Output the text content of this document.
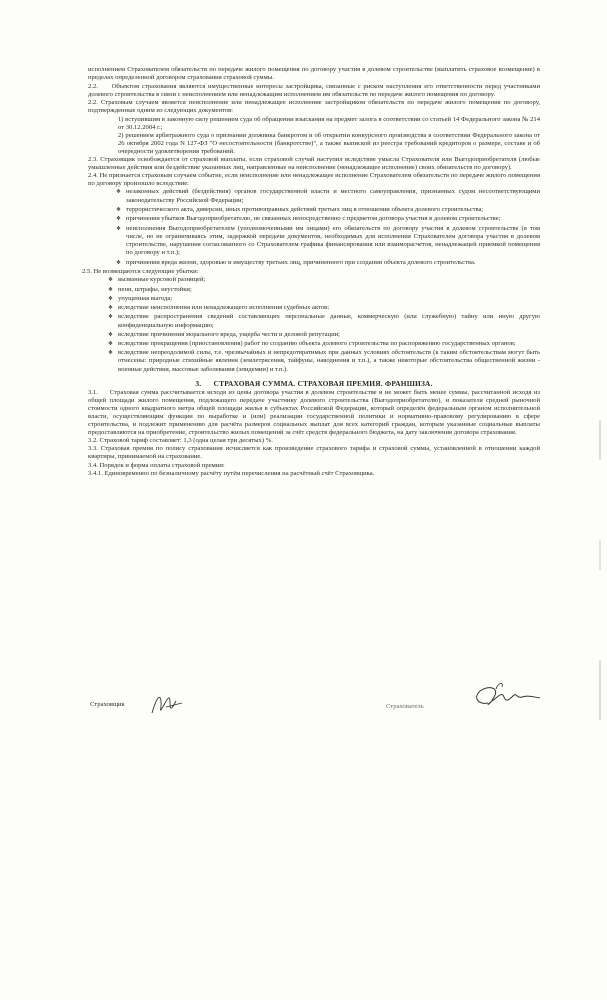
исполнением Страхователем обязательств по передаче жилого помещения по договору участия в долевом строительстве (выплатить страховое возмещение) в пределах определенной договором страхования страховой суммы.

2.2.     Объектом страхования являются имущественные интересы застройщика, связанные с риском наступления его ответственности перед участниками долевого строительства в связи с неисполнением или ненадлежащим исполнением им обязательств по передаче жилого помещения по договору.

2.2. Страховым случаем является неисполнение или ненадлежащее исполнение застройщиком обязательств по передаче жилого помещения по договору, подтвержденные одним из следующих документов:

1) вступившим в законную силу решением суда об обращении взыскания на предмет залога в соответствии со статьей 14 Федерального закона № 214 от 30.12.2004 г.;

2) решением арбитражного суда о признании должника банкротом и об открытии конкурсного производства в соответствии Федерального закона от 26 октября 2002 года N 127-ФЗ "О несостоятельности (банкротстве)", а также выпиской из реестра требований кредиторов о размере, составе и об очередности удовлетворения требований.

2.3. Страховщик освобождается от страховой выплаты, если страховой случай наступил вследствие умысла Страхователя или Выгодоприобретателя (любые умышленные действия или бездействие указанных лиц, направленные на неисполнение (ненадлежащее исполнение) своих обязательств по договору).

2.4. Не признается страховым случаем событие, если неисполнение или ненадлежащее исполнение Страхователем обязательств по передаче жилого помещения по договору произошло вследствие:

❖ незаконных действий (бездействия) органов государственной власти и местного самоуправления, признанных судом несоответствующими законодательству Российской Федерации;
❖ террористического акта, диверсии, иных противоправных действий третьих лиц в отношении объекта долевого строительства;
❖ причинения убытков Выгодоприобретателю, не связанных непосредственно с предметом договора участия в долевом строительстве;
❖ неисполнения Выгодоприобретателем (уполномоченными им лицами) его обязательств по договору участия в долевом строительстве (в том числе, но не ограничиваясь этим, задержкой передачи документов, необходимых для исполнения Страхователем договора участия в долевом строительстве, нарушения согласованного со Страхователем графика финансирования или взаиморасчетов, ненадлежащей приемкой помещения по договору и т.п.);
❖ причинения вреда жизни, здоровью и имуществу третьих лиц, причиненного при создании объекта долевого строительства.

2.5. Не возмещаются следующие убытки:

❖ вызванные курсовой разницей;
❖ пени, штрафы, неустойки;
❖ упущенная выгода;
❖ вследствие неисполнения или ненадлежащего исполнения судебных актов;
❖ вследствие распространения сведений составляющих персональные данные, коммерческую (или служебную) тайну или иную другую конфиденциальную информацию;
❖ вследствие причинения морального вреда, ущерба чести и деловой репутации;
❖ вследствие прекращения (приостановления) работ по созданию объекта долевого строительства по распоряжению государственных органов;
❖ вследствие непреодолимой силы, т.е. чрезвычайных и непредотвратимых при данных условиях обстоятельств (к таким обстоятельствам могут быть отнесены: природные стихийные явления (землетрясения, тайфуны, наводнения и т.п.), а также некоторые обстоятельства общественной жизни - военные действия, массовые заболевания (эпидемии) и т.п.).
3.      СТРАХОВАЯ СУММА. СТРАХОВАЯ ПРЕМИЯ. ФРАНШИЗА.

3.1.     Страховая сумма рассчитывается исходя из цены договора участия в долевом строительстве и не может быть менее суммы, рассчитанной исходя из общей площади жилого помещения, подлежащего передаче участнику долевого строительства (Выгодоприобретателю), и показателя средней рыночной стоимости одного квадратного метра общей площади жилья в субъектах Российской Федерации, который определён федеральным органом исполнительной власти, осуществляющим функции по выработке и (или) реализации государственной политики и нормативно-правовому регулированию в сфере строительства, и подлежит применению для расчёта размеров социальных выплат для всех категорий граждан, которым указанные социальные выплаты предоставляются на приобретение, строительство жилых помещений за счёт средств федерального бюджета, на дату заключения договора страхования.

3.2. Страховой тариф составляет: 1,3 (одна целая три десятых) %.

3.3. Страховая премия по полису страхования исчисляется как произведение страхового тарифа и страховой суммы, установленной в отношении каждой квартиры, принимаемой на страхование.

3.4. Порядок и форма оплаты страховой премии:

3.4.1. Единовременно по безналичному расчёту путём перечисления на расчётный счёт Страховщика.

Страховщик	Страхователь
